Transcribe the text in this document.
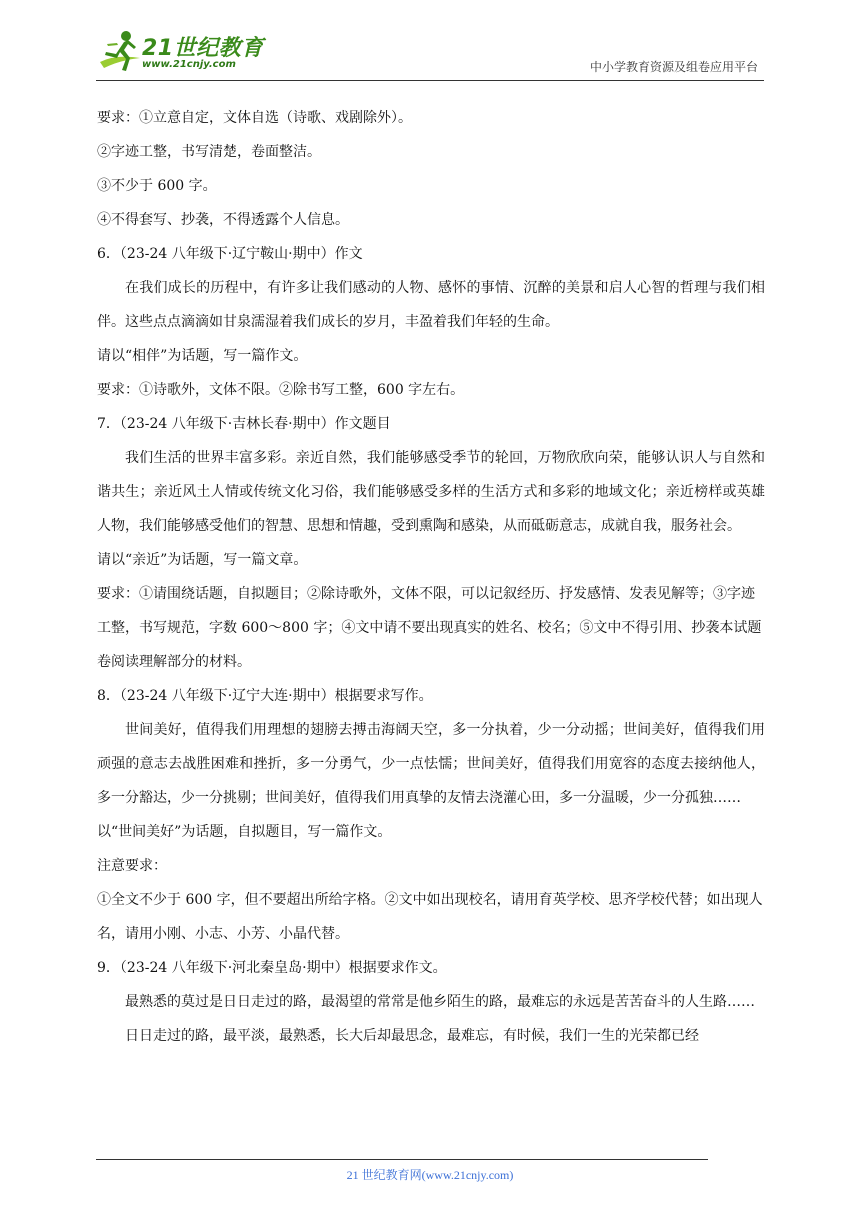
21世纪教育
www.21cnjy.com	中小学教育资源及组卷应用平台

要求：①立意自定，文体自选（诗歌、戏剧除外）。

②字迹工整，书写清楚，卷面整洁。

③不少于 600 字。

④不得套写、抄袭，不得透露个人信息。

6．（23-24 八年级下·辽宁鞍山·期中）作文

在我们成长的历程中，有许多让我们感动的人物、感怀的事情、沉醉的美景和启人心智的哲理与我们相伴。这些点点滴滴如甘泉濡湿着我们成长的岁月，丰盈着我们年轻的生命。

请以“相伴”为话题，写一篇作文。

要求：①诗歌外，文体不限。②除书写工整，600 字左右。

7．（23-24 八年级下·吉林长春·期中）作文题目

我们生活的世界丰富多彩。亲近自然，我们能够感受季节的轮回，万物欣欣向荣，能够认识人与自然和谐共生；亲近风土人情或传统文化习俗，我们能够感受多样的生活方式和多彩的地域文化；亲近榜样或英雄人物，我们能够感受他们的智慧、思想和情趣，受到熏陶和感染，从而砥砺意志，成就自我，服务社会。

请以“亲近”为话题，写一篇文章。

要求：①请围绕话题，自拟题目；②除诗歌外，文体不限，可以记叙经历、抒发感情、发表见解等；③字迹工整，书写规范，字数 600～800 字；④文中请不要出现真实的姓名、校名；⑤文中不得引用、抄袭本试题卷阅读理解部分的材料。

8．（23-24 八年级下·辽宁大连·期中）根据要求写作。

世间美好，值得我们用理想的翅膀去搏击海阔天空，多一分执着，少一分动摇；世间美好，值得我们用顽强的意志去战胜困难和挫折，多一分勇气，少一点怯懦；世间美好，值得我们用宽容的态度去接纳他人，多一分豁达，少一分挑剔；世间美好，值得我们用真挚的友情去浇灌心田，多一分温暖，少一分孤独……

以“世间美好”为话题，自拟题目，写一篇作文。

注意要求：

①全文不少于 600 字，但不要超出所给字格。②文中如出现校名，请用育英学校、思齐学校代替；如出现人名，请用小刚、小志、小芳、小晶代替。

9．（23-24 八年级下·河北秦皇岛·期中）根据要求作文。

最熟悉的莫过是日日走过的路，最渴望的常常是他乡陌生的路，最难忘的永远是苦苦奋斗的人生路……

日日走过的路，最平淡，最熟悉，长大后却最思念，最难忘，有时候，我们一生的光荣都已经

21 世纪教育网(www.21cnjy.com)
